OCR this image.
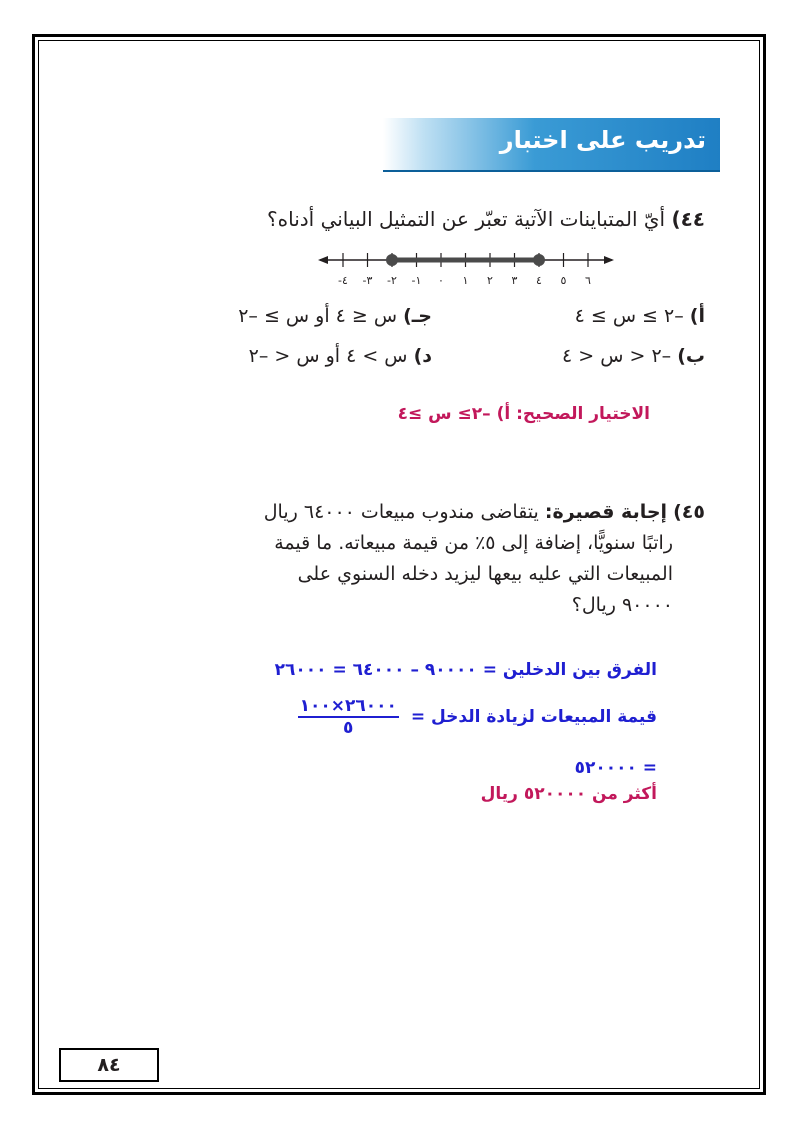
تدريب على اختبار
٤٤) أيّ المتباينات الآتية تعبّر عن التمثيل البياني أدناه؟
-٤ -٣ -٢ -١ ٠ ١ ٢ ٣ ٤ ٥ ٦
أ) –٢ ≥ س ≥ ٤
جـ) س ≤ ٤ أو س ≥ –٢
ب) –٢ < س < ٤
د) س > ٤ أو س < –٢
الاختيار الصحيح: أ) –٢≥ س ≥٤
٤٥) إجابة قصيرة: يتقاضى مندوب مبيعات ٦٤٠٠٠ ريال
راتبًا سنويًّا، إضافة إلى ٥٪ من قيمة مبيعاته. ما قيمة
المبيعات التي عليه بيعها ليزيد دخله السنوي على
٩٠٠٠٠ ريال؟
الفرق بين الدخلين = ٩٠٠٠٠ – ٦٤٠٠٠ = ٢٦٠٠٠
قيمة المبيعات لزيادة الدخل =
$\frac{٢٦٠٠٠\times ١٠٠}{٥}$
= ٥٢٠٠٠٠
أكثر من ٥٢٠٠٠٠ ريال
٨٤
